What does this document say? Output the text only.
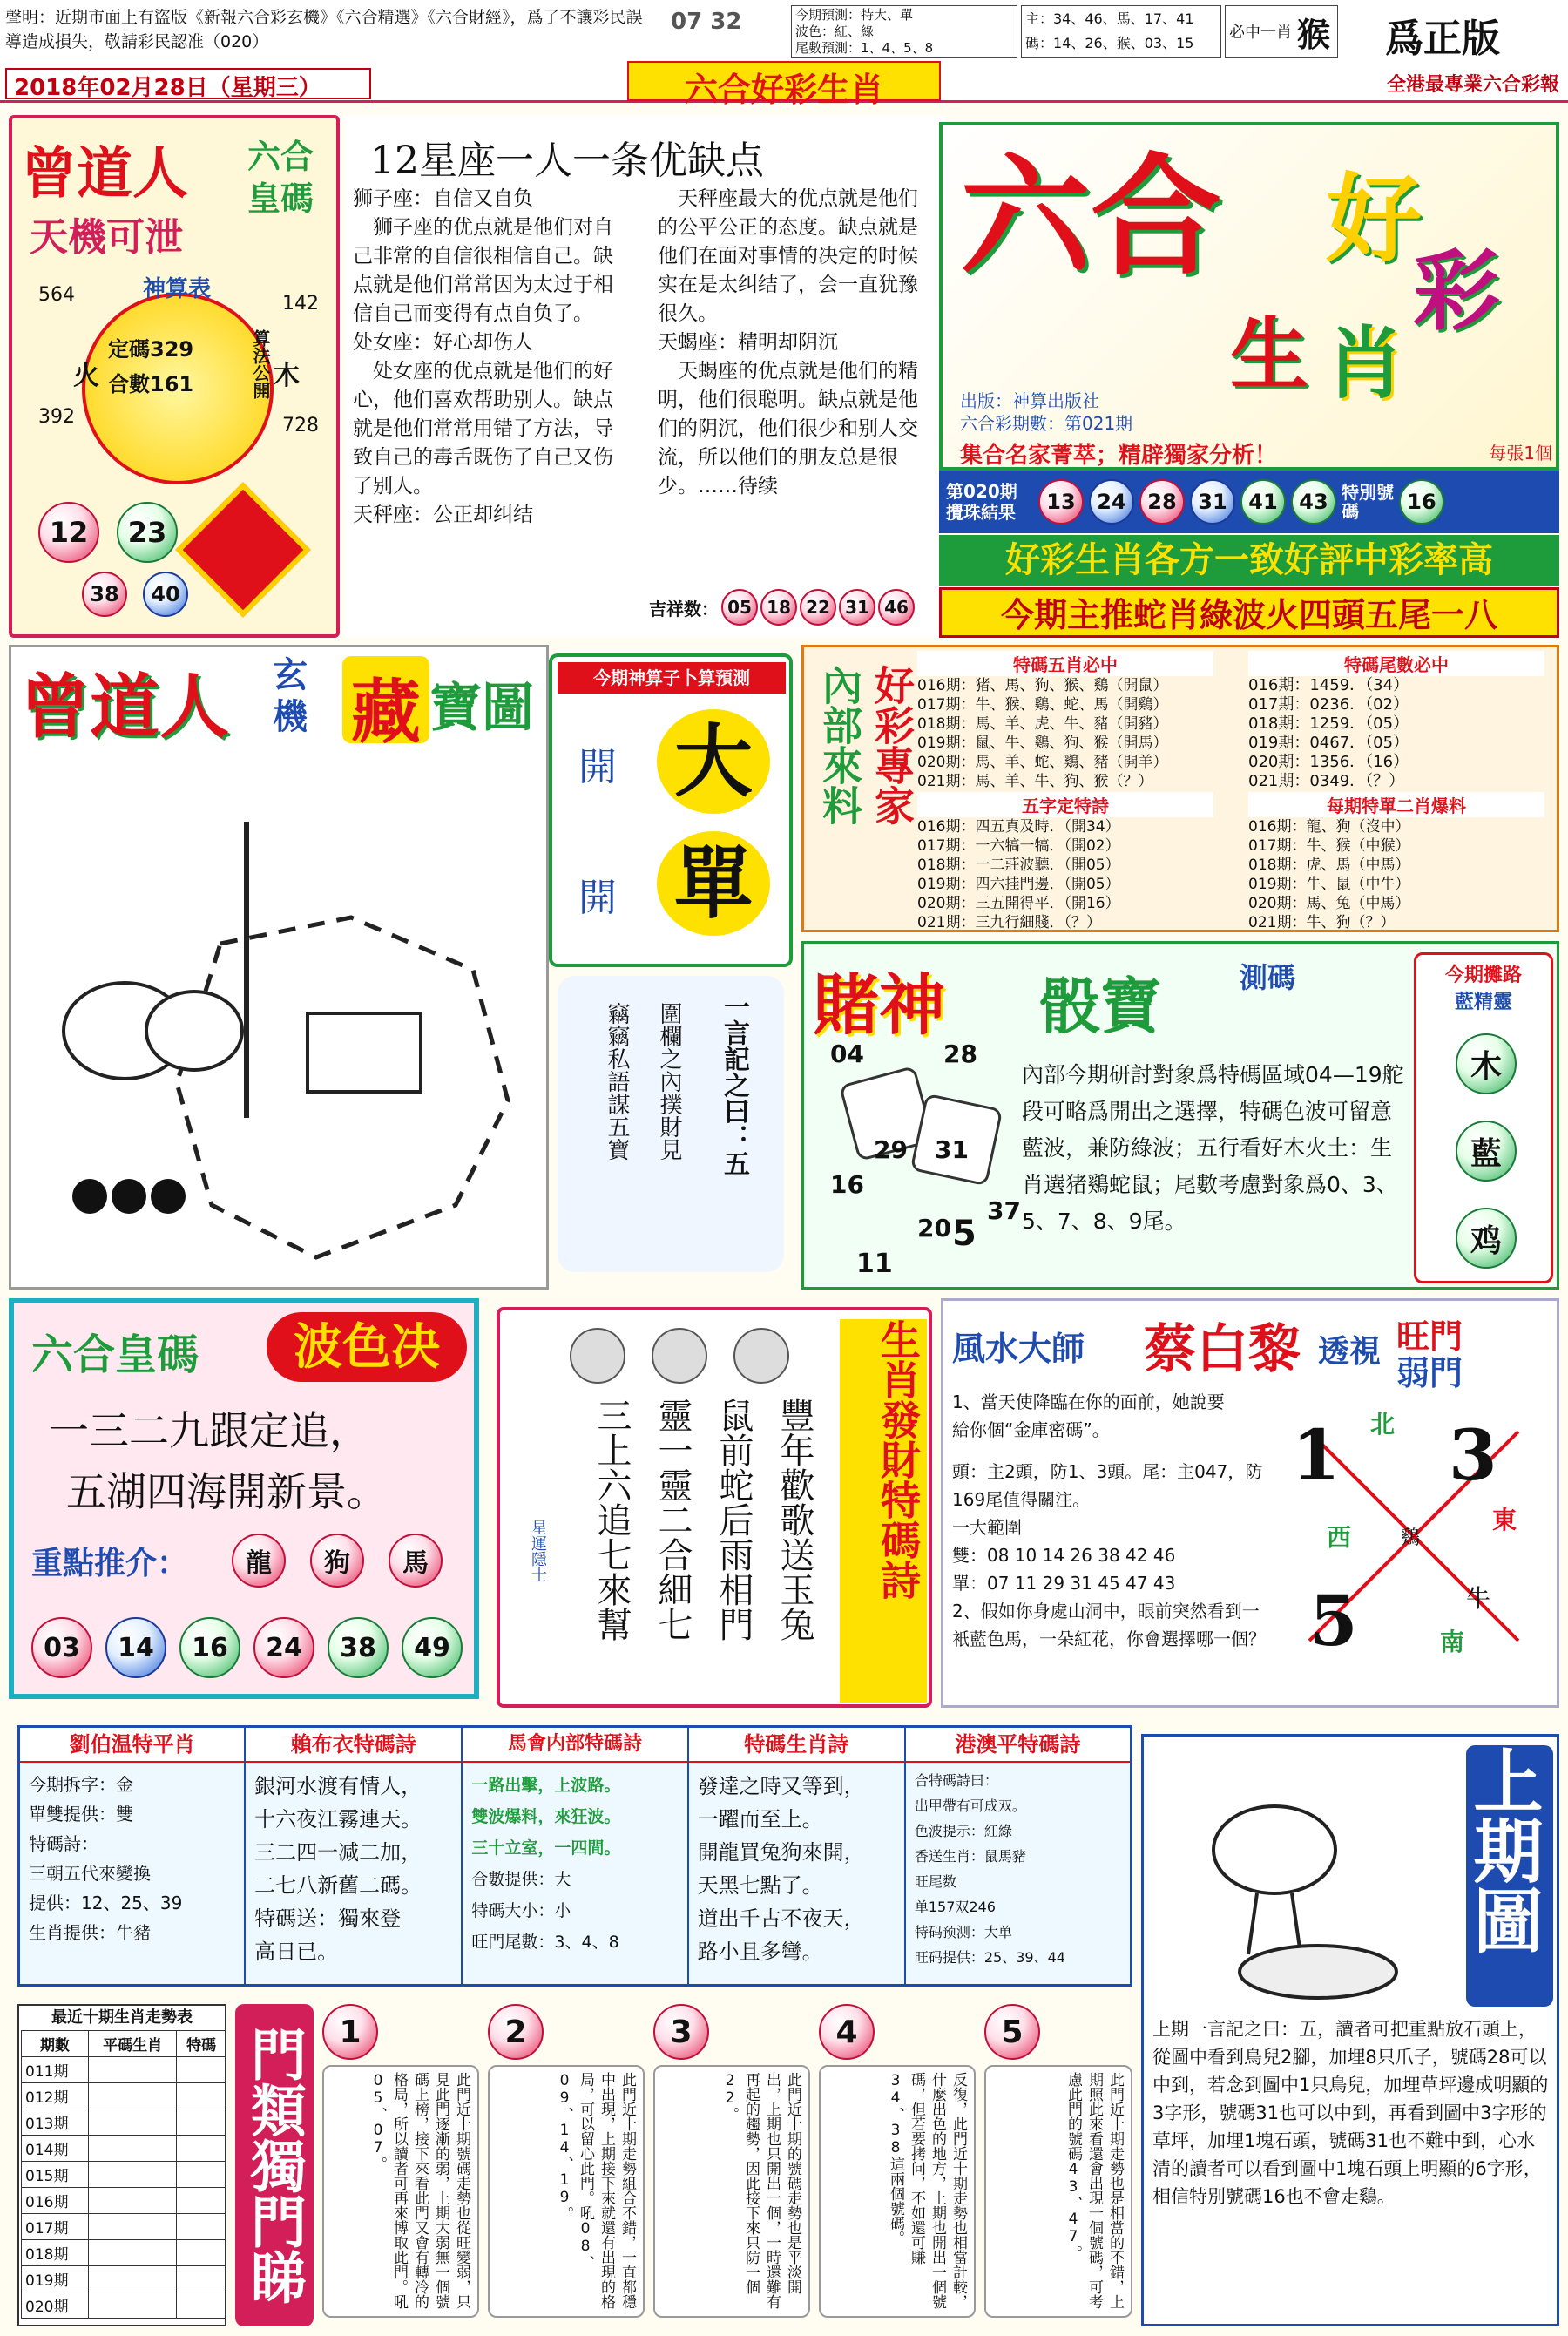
聲明：近期市面上有盜版《新報六合彩玄機》《六合精選》《六合財經》，爲了不讓彩民誤導造成損失，敬請彩民認准（020）
07 32	今期預測：特大、單
波色：紅、綠
尾數預測：1、4、5、8
主：34、46、馬、17、41
碼：14、26、猴、03、15
必中一肖 猴 爲正版
2018年02月28日（星期三）	六合好彩生肖	全港最專業六合彩報
曾道人	六合皇碼
天機可泄
神算表
定碼329
合數161	算法公開
564	142
392	728
火	木
12	23
38	40
12星座一人一条优缺点
狮子座：自信又自负
　狮子座的优点就是他们对自己非常的自信很相信自己。缺点就是他们常常因为太过于相信自己而变得有点自负了。
处女座：好心却伤人
　处女座的优点就是他们的好心，他们喜欢帮助别人。缺点就是他们常常用错了方法，导致自己的毒舌既伤了自己又伤了别人。
天秤座：公正却纠结
　天秤座最大的优点就是他们的公平公正的态度。缺点就是他们在面对事情的决定的时候实在是太纠结了，会一直犹豫很久。
天蝎座：精明却阴沉
　天蝎座的优点就是他们的精明，他们很聪明。缺点就是他们的阴沉，他们很少和别人交流，所以他们的朋友总是很少。……待续
吉祥数： 05 18 22 31 46
六合	好
彩
生 肖
出版：神算出版社
六合彩期數：第021期
集合名家菁萃；精辟獨家分析！	每張1個
第020期
攪珠結果	13	24	28	31	41	43 特別號碼	16
好彩生肖各方一致好評中彩率高
今期主推蛇肖綠波火四頭五尾一八
曾道人	玄機 藏 寶圖	今期神算子卜算預測
開 大
開 單
一言記之曰：五
圍欄之內撲財見
竊竊私語謀五寶
內部來料 好彩專家	特碼五肖必中
016期：猪、馬、狗、猴、鷄（開鼠）
017期：牛、猴、鷄、蛇、馬（開鷄）
018期：馬、羊、虎、牛、豬（開豬）
019期：鼠、牛、鷄、狗、猴（開馬）
020期：馬、羊、蛇、鷄、豬（開羊）
021期：馬、羊、牛、狗、猴（？）
特碼尾數必中
016期：1459．（34）
017期：0236．（02）
018期：1259．（05）
019期：0467．（05）
020期：1356．（16）
021期：0349．（？）
五字定特詩
016期：四五真及時．（開34）
017期：一六犒一犒．（開02）
018期：一二莊波聽．（開05）
019期：四六挂門邊．（開05）
020期：三五開得平．（開16）
021期：三九行細賤．（？）
每期特單二肖爆料
016期：龍、狗（沒中）
017期：牛、猴（中猴）
018期：虎、馬（中馬）
019期：牛、鼠（中牛）
020期：馬、兔（中馬）
021期：牛、狗（？）
賭神	骰寶	測碼
04	28
29 31
16
37
20 5
11
內部今期研討對象爲特碼區域04—19舵段可略爲開出之選擇，特碼色波可留意藍波，兼防綠波；五行看好木火土：生肖選猪鷄蛇鼠；尾數考慮對象爲0、3、5、7、8、9尾。
今期攤路
藍精靈
木
藍
鸡
六合皇碼	波色决
一三二九跟定追，
五湖四海開新景。
重點推介：	龍	狗	馬
03	14	16	24	38	49
豐年歡歌送玉兔
鼠前蛇后雨相門
靈一靈二合細七
三上六追七來幫
星運隱士	生肖發財特碼詩 風水大師	蔡白黎 透視 旺門
弱門
1、當天使降臨在你的面前，她說要給你個“金庫密碼”。
頭：主2頭，防1、3頭。尾：主047，防169尾值得關注。
一大範圍
雙：08 10 14 26 38 42 46
單：07 11 29 31 45 47 43
2、假如你身處山洞中，眼前突然看到一衹藍色馬，一朵紅花，你會選擇哪一個？
1 3
5
北
東
西
南
鷄
牛
劉伯温特平肖
今期拆字：金
單雙提供：雙
特碼詩：
三朝五代來變換
提供：12、25、39
生肖提供：牛豬
賴布衣特碼詩
銀河水渡有情人，
十六夜江霧連天。
三二四一减二加，
二七八新舊二碼。
特碼送：獨來登
高日已。
馬會内部特碼詩
一路出擊，上波路。
雙波爆料，來狂波。
三十立室，一四間。
合數提供：大
特碼大小：小
旺門尾數：3、4、8
特碼生肖詩
發達之時又等到，
一躍而至上。
開龍買兔狗來開，
天黑七點了。
道出千古不夜天，
路小且多彎。
港澳平特碼詩
合特碼詩曰：
出甲帶有可成双。
色波提示：紅綠
香送生肖：鼠馬豬
旺尾数
单157双246
特码预测：大单
旺码提供：25、39、44
上期圖解
上期一言記之曰：五，讀者可把重點放石頭上，從圖中看到鳥兒2腳，加埋8只爪子，號碼28可以中到，若念到圖中1只鳥兒，加埋草坪邊成明顯的3字形，號碼31也可以中到，再看到圖中3字形的草坪，加埋1塊石頭，號碼31也不難中到，心水清的讀者可以看到圖中1塊石頭上明顯的6字形，相信特別號碼16也不會走鷄。
最近十期生肖走勢表
期數	平碼生肖	特碼
011期		
012期		
013期		
014期		
015期		
016期		
017期		
018期		
019期		
020期		
門類獨門睇	1
此門近十期號碼走勢也從旺變弱，只見此門逐漸的弱，上期大弱無一個號碼上榜，接下來看此門又會有轉冷的格局，所以讀者可再來博取此門。吼05、07。
2
此門近十期走勢組合不錯，一直都穩中出現，上期接下來就還有出現的格局，可以留心此門。吼08、09、14、19。
3
此門近十期的號碼走勢也是平淡開出，上期也只開出一個，一時還難有再起的趨勢，因此接下來只防一個22。
4
反復，此門近十期走勢也相當計較，什麼出色的地方，上期也開出一個號碼，但若要拷问，不如還可賺34、38這兩個號碼。
5
此門近十期走勢也是相當的不錯，上期照此來看還會出現一個號碼，可考慮此門的號碼43、47。
